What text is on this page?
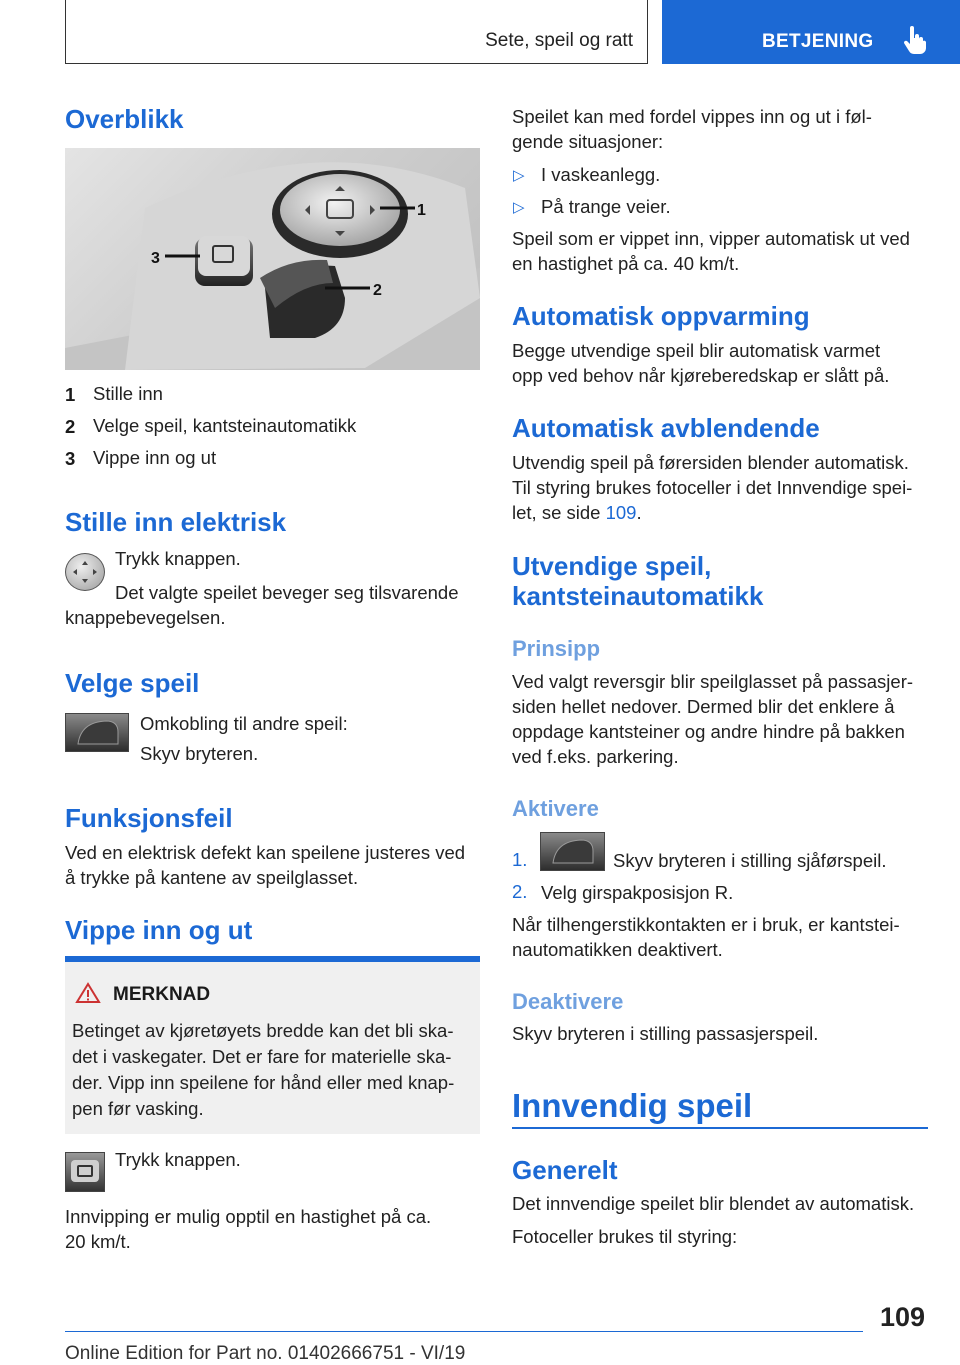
Sete, speil og ratt	BETJENING
Overblikk
1
2
3
1 Stille inn
2 Velge speil, kantsteinautomatikk
3 Vippe inn og ut
Stille inn elektrisk
Trykk knappen.
Det valgte speilet beveger seg tilsvarende
knappebevegelsen.
Velge speil
Omkobling til andre speil:
Skyv bryteren.
Funksjonsfeil
Ved en elektrisk defekt kan speilene justeres ved
å trykke på kantene av speilglasset.
Vippe inn og ut
MERKNAD
Betinget av kjøretøyets bredde kan det bli ska-
det i vaskegater. Det er fare for materielle ska-
der. Vipp inn speilene for hånd eller med knap-
pen før vasking.
Trykk knappen.
Innvipping er mulig opptil en hastighet på ca.
20 km/t.
Speilet kan med fordel vippes inn og ut i føl-
gende situasjoner:
▷ I vaskeanlegg.
▷ På trange veier.
Speil som er vippet inn, vipper automatisk ut ved
en hastighet på ca. 40 km/t.
Automatisk oppvarming
Begge utvendige speil blir automatisk varmet
opp ved behov når kjøreberedskap er slått på.
Automatisk avblendende
Utvendig speil på førersiden blender automatisk.
Til styring brukes fotoceller i det Innvendige spei-
let, se side 109.
Utvendige speil,
kantsteinautomatikk
Prinsipp
Ved valgt reversgir blir speilglasset på passasjer-
siden hellet nedover. Dermed blir det enklere å
oppdage kantsteiner og andre hindre på bakken
ved f.eks. parkering.
Aktivere
1.	Skyv bryteren i stilling sjåførspeil.
2. Velg girspakposisjon R.
Når tilhengerstikkontakten er i bruk, er kantstei-
nautomatikken deaktivert.
Deaktivere
Skyv bryteren i stilling passasjerspeil.
Innvendig speil
Generelt
Det innvendige speilet blir blendet av automatisk.
Fotoceller brukes til styring:
109
Online Edition for Part no. 01402666751 - VI/19
